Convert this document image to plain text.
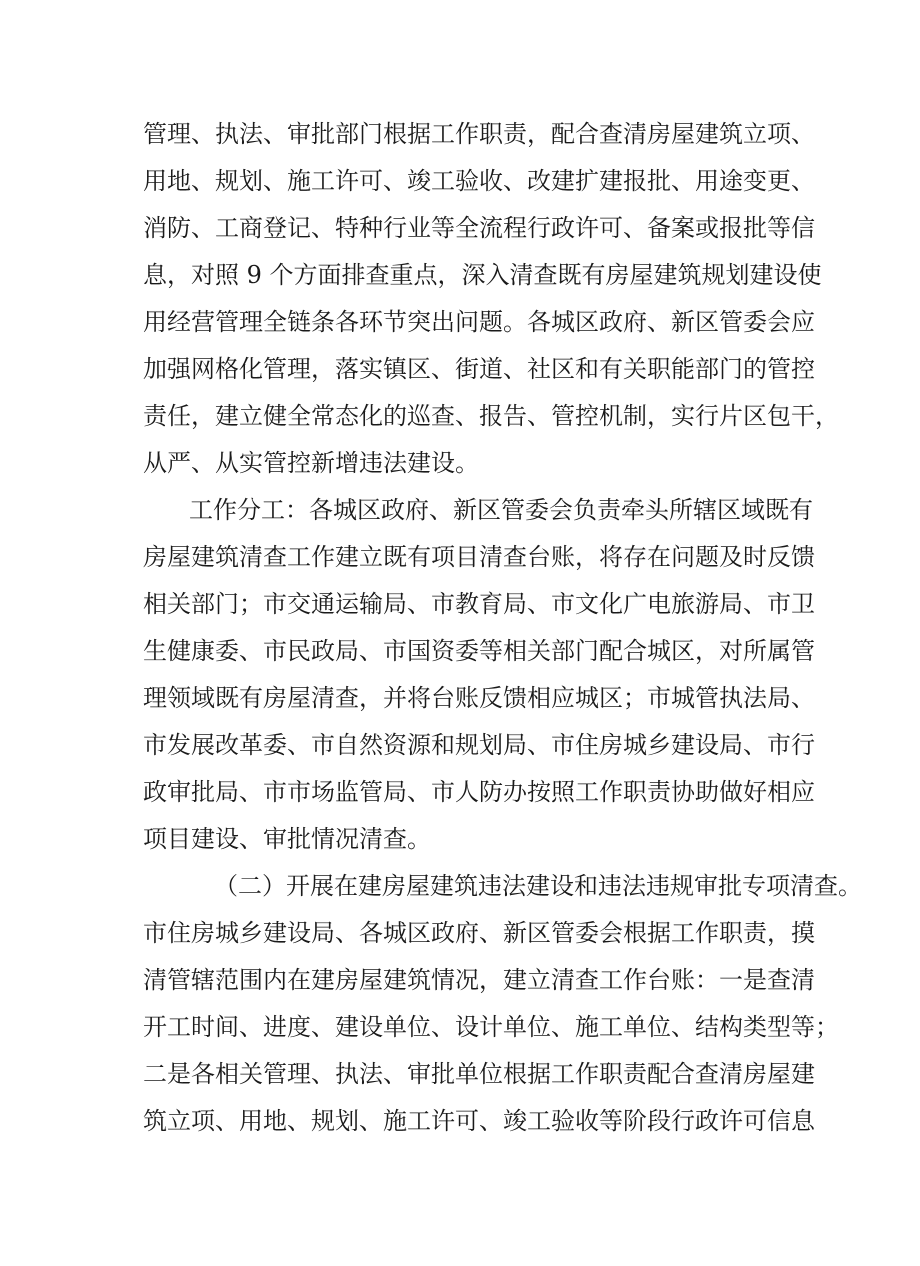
管理、执法、审批部门根据工作职责，配合查清房屋建筑立项、
用地、规划、施工许可、竣工验收、改建扩建报批、用途变更、
消防、工商登记、特种行业等全流程行政许可、备案或报批等信
息，对照 9 个方面排查重点，深入清查既有房屋建筑规划建设使
用经营管理全链条各环节突出问题。各城区政府、新区管委会应
加强网格化管理，落实镇区、街道、社区和有关职能部门的管控
责任，建立健全常态化的巡查、报告、管控机制，实行片区包干，
从严、从实管控新增违法建设。
工作分工：各城区政府、新区管委会负责牵头所辖区域既有
房屋建筑清查工作建立既有项目清查台账，将存在问题及时反馈
相关部门；市交通运输局、市教育局、市文化广电旅游局、市卫
生健康委、市民政局、市国资委等相关部门配合城区，对所属管
理领域既有房屋清查，并将台账反馈相应城区；市城管执法局、
市发展改革委、市自然资源和规划局、市住房城乡建设局、市行
政审批局、市市场监管局、市人防办按照工作职责协助做好相应
项目建设、审批情况清查。
（二）开展在建房屋建筑违法建设和违法违规审批专项清查。
市住房城乡建设局、各城区政府、新区管委会根据工作职责，摸
清管辖范围内在建房屋建筑情况，建立清查工作台账：一是查清
开工时间、进度、建设单位、设计单位、施工单位、结构类型等；
二是各相关管理、执法、审批单位根据工作职责配合查清房屋建
筑立项、用地、规划、施工许可、竣工验收等阶段行政许可信息
